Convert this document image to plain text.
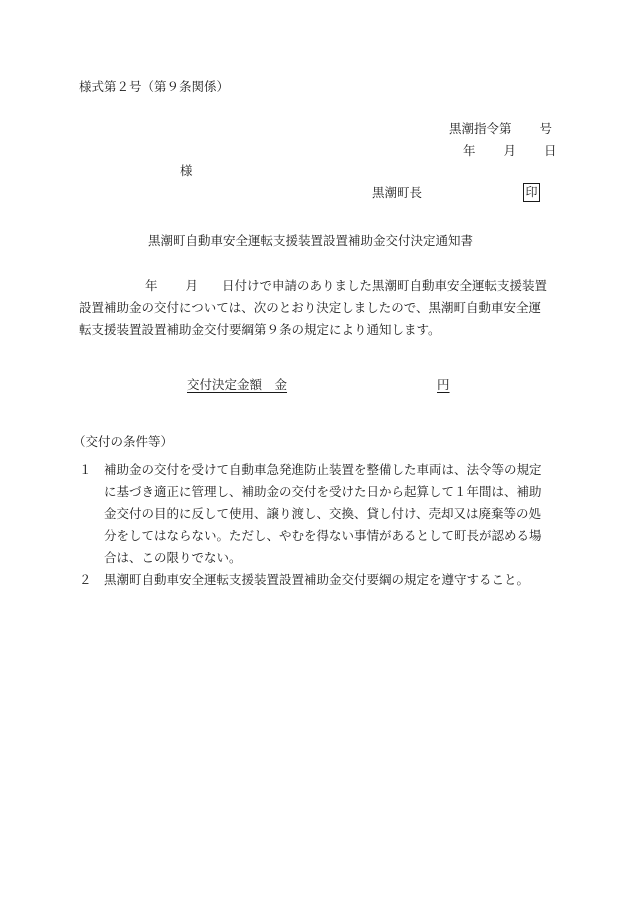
様式第２号（第９条関係）
黒潮指令第 号
年 月 日
様
黒潮町長	印
黒潮町自動車安全運転支援装置設置補助金交付決定通知書

年 月 日付けで申請のありました黒潮町自動車安全運転支援装置

設置補助金の交付については、次のとおり決定しましたので、黒潮町自動車安全運

転支援装置設置補助金交付要綱第９条の規定により通知します。

交付決定金額　金	円
（交付の条件等）
１ 補助金の交付を受けて自動車急発進防止装置を整備した車両は、法令等の規定
に基づき適正に管理し、補助金の交付を受けた日から起算して１年間は、補助
金交付の目的に反して使用、譲り渡し、交換、貸し付け、売却又は廃棄等の処
分をしてはならない。ただし、やむを得ない事情があるとして町長が認める場
合は、この限りでない。
２ 黒潮町自動車安全運転支援装置設置補助金交付要綱の規定を遵守すること。
